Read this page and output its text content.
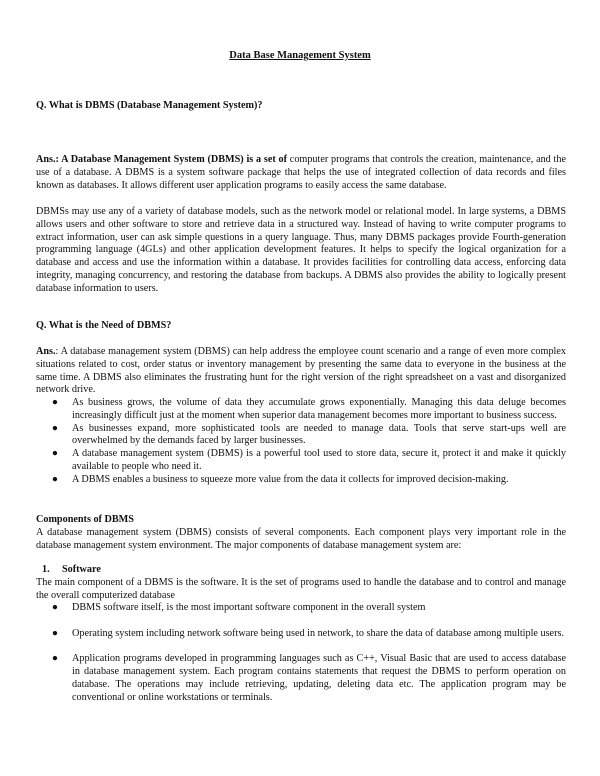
Data Base Management System

Q. What is DBMS (Database Management System)?

Ans.: A Database Management System (DBMS) is a set of computer programs that controls the creation, maintenance, and the use of a database. A DBMS is a system software package that helps the use of integrated collection of data records and files known as databases. It allows different user application programs to easily access the same database.

DBMSs may use any of a variety of database models, such as the network model or relational model. In large systems, a DBMS allows users and other software to store and retrieve data in a structured way. Instead of having to write computer programs to extract information, user can ask simple questions in a query language. Thus, many DBMS packages provide Fourth-generation programming language (4GLs) and other application development features. It helps to specify the logical organization for a database and access and use the information within a database. It provides facilities for controlling data access, enforcing data integrity, managing concurrency, and restoring the database from backups. A DBMS also provides the ability to logically present database information to users.

Q. What is the Need of DBMS?

Ans.: A database management system (DBMS) can help address the employee count scenario and a range of even more complex situations related to cost, order status or inventory management by presenting the same data to everyone in the business at the same time. A DBMS also eliminates the frustrating hunt for the right version of the right spreadsheet on a vast and disorganized network drive.

● As business grows, the volume of data they accumulate grows exponentially. Managing this data deluge becomes increasingly difficult just at the moment when superior data management becomes more important to business success.
● As businesses expand, more sophisticated tools are needed to manage data. Tools that serve start-ups well are overwhelmed by the demands faced by larger businesses.
● A database management system (DBMS) is a powerful tool used to store data, secure it, protect it and make it quickly available to people who need it.
● A DBMS enables a business to squeeze more value from the data it collects for improved decision-making.

Components of DBMS

A database management system (DBMS) consists of several components. Each component plays very important role in the database management system environment. The major components of database management system are:

1. Software

The main component of a DBMS is the software. It is the set of programs used to handle the database and to control and manage the overall computerized database

● DBMS software itself, is the most important software component in the overall system
● Operating system including network software being used in network, to share the data of database among multiple users.
● Application programs developed in programming languages such as C++, Visual Basic that are used to access database in database management system. Each program contains statements that request the DBMS to perform operation on database. The operations may include retrieving, updating, deleting data etc. The application program may be conventional or online workstations or terminals.
